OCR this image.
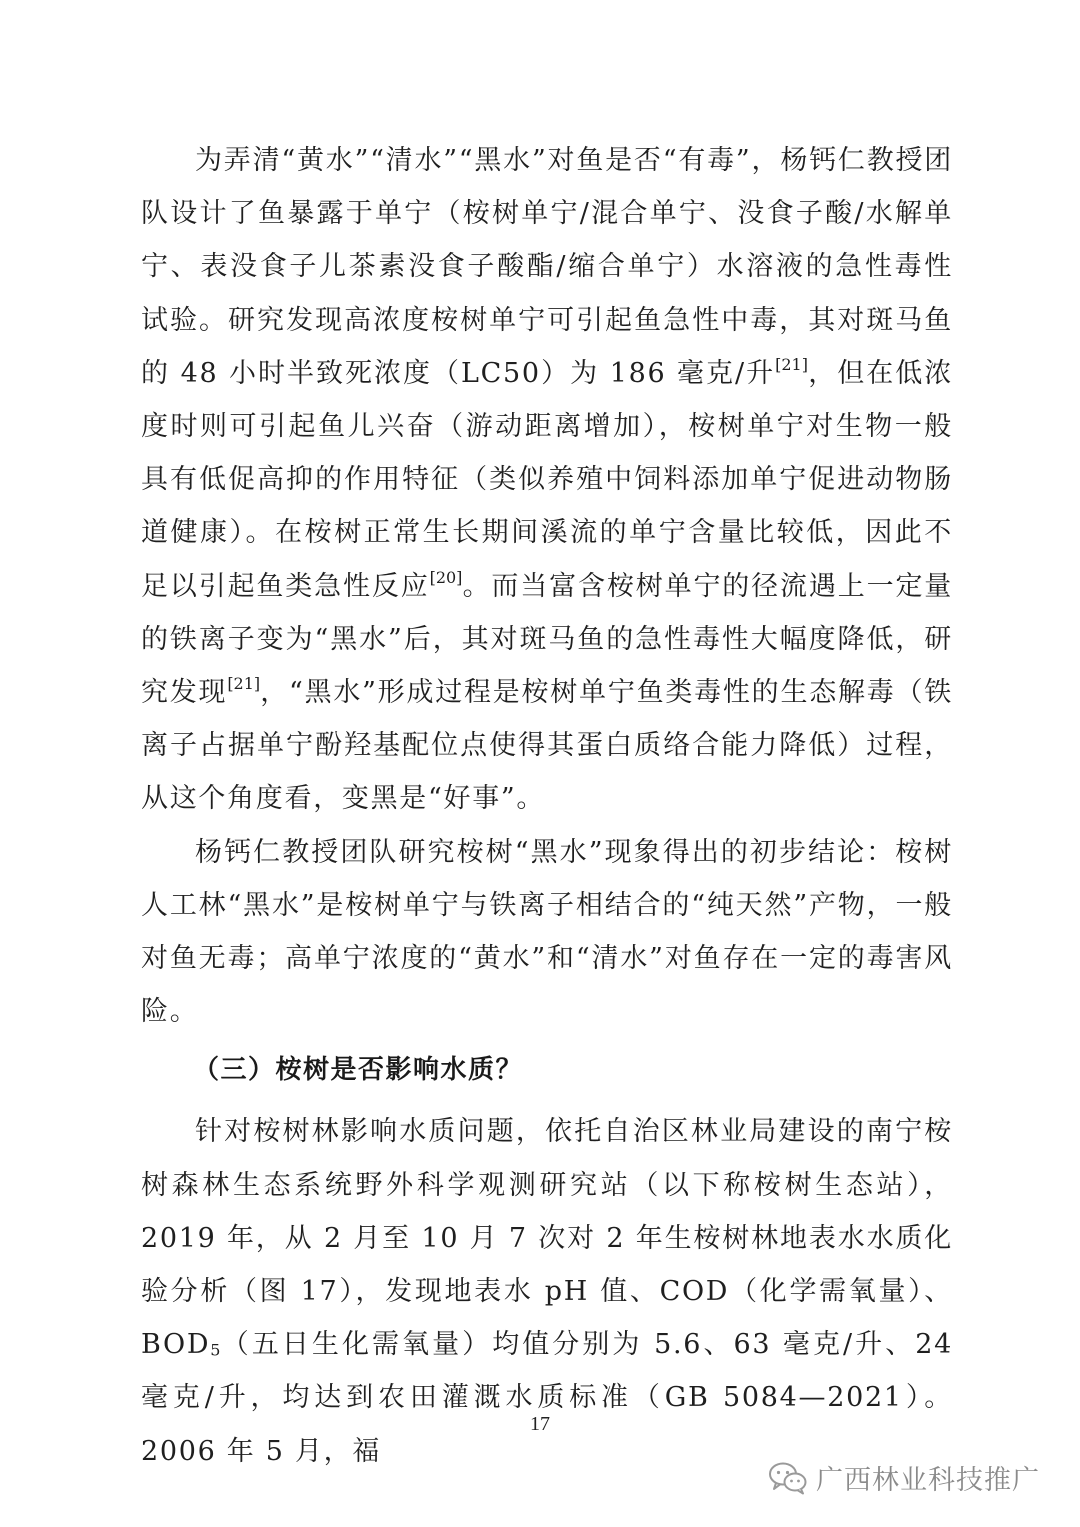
为弄清“黄水”“清水”“黑水”对鱼是否“有毒”，杨钙仁教授团队设计了鱼暴露于单宁（桉树单宁/混合单宁、没食子酸/水解单宁、表没食子儿茶素没食子酸酯/缩合单宁）水溶液的急性毒性试验。研究发现高浓度桉树单宁可引起鱼急性中毒，其对斑马鱼的 48 小时半致死浓度（LC50）为 186 毫克/升[21]，但在低浓度时则可引起鱼儿兴奋（游动距离增加），桉树单宁对生物一般具有低促高抑的作用特征（类似养殖中饲料添加单宁促进动物肠道健康）。在桉树正常生长期间溪流的单宁含量比较低，因此不足以引起鱼类急性反应[20]。而当富含桉树单宁的径流遇上一定量的铁离子变为“黑水”后，其对斑马鱼的急性毒性大幅度降低，研究发现[21]，“黑水”形成过程是桉树单宁鱼类毒性的生态解毒（铁离子占据单宁酚羟基配位点使得其蛋白质络合能力降低）过程，从这个角度看，变黑是“好事”。

杨钙仁教授团队研究桉树“黑水”现象得出的初步结论：桉树人工林“黑水”是桉树单宁与铁离子相结合的“纯天然”产物，一般对鱼无毒；高单宁浓度的“黄水”和“清水”对鱼存在一定的毒害风险。

（三）桉树是否影响水质？

针对桉树林影响水质问题，依托自治区林业局建设的南宁桉树森林生态系统野外科学观测研究站（以下称桉树生态站），2019 年，从 2 月至 10 月 7 次对 2 年生桉树林地表水水质化验分析（图 17），发现地表水 pH 值、COD（化学需氧量）、$BOD_5$（五日生化需氧量）均值分别为 5.6、63 毫克/升、24 毫克/升，均达到农田灌溉水质标准（GB 5084—2021）。2006 年 5 月，福

17
广西林业科技推广
